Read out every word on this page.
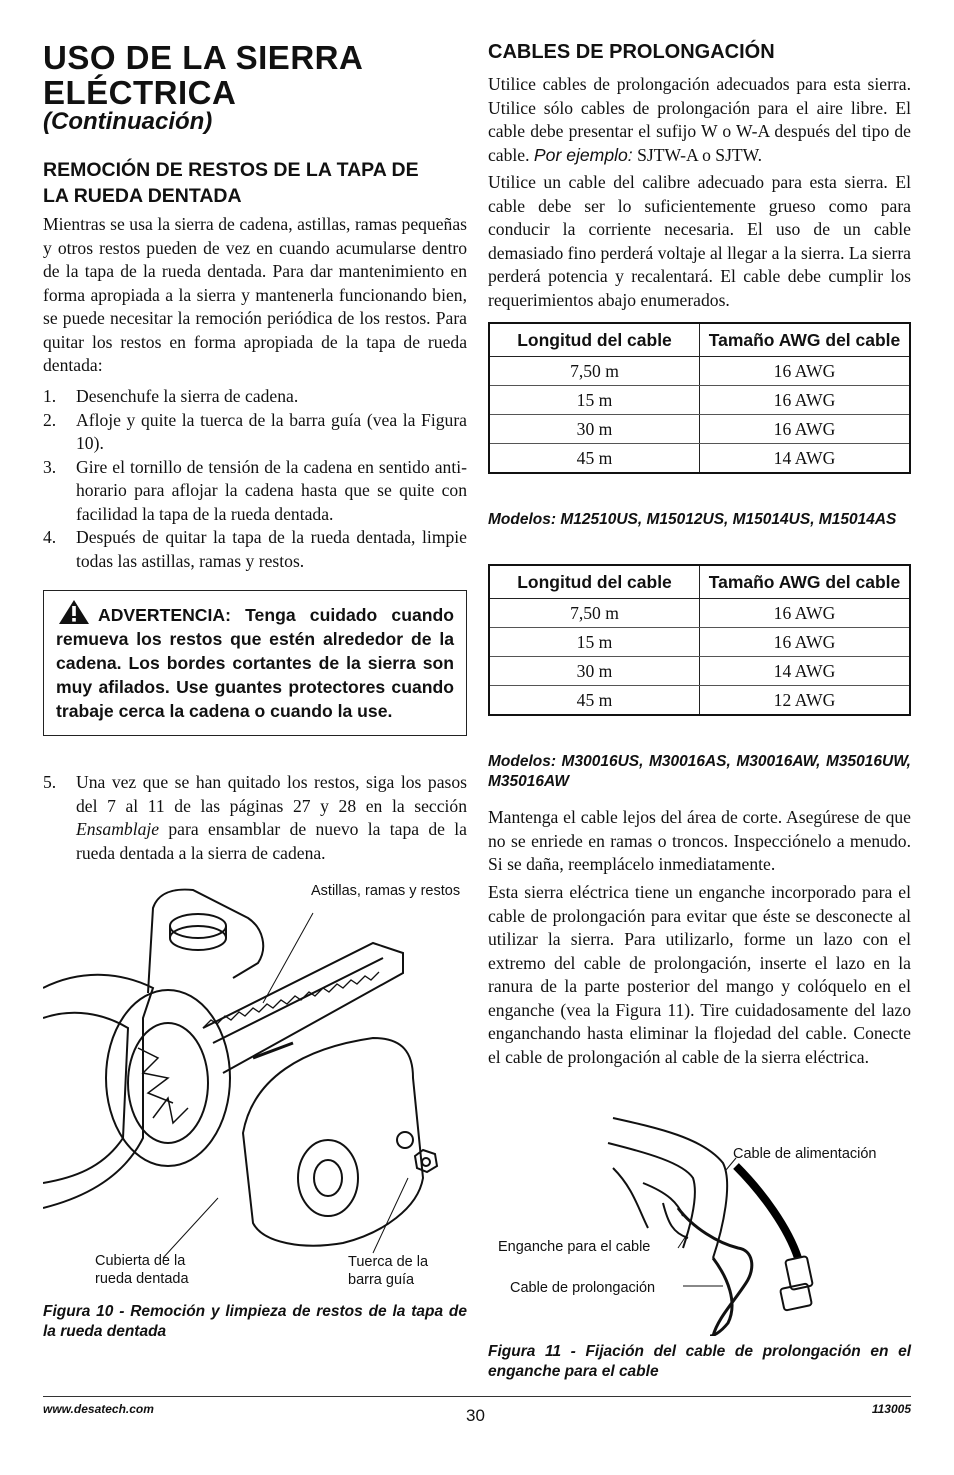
USO DE LA SIERRA ELÉCTRICA
(Continuación)
REMOCIÓN DE RESTOS DE LA TAPA DE LA RUEDA DENTADA

Mientras se usa la sierra de cadena, astillas, ramas pequeñas y otros restos pueden de vez en cuando acumularse dentro de la tapa de la rueda dentada. Para dar mantenimiento en forma apropiada a la sierra y mantenerla funcionando bien, se puede necesitar la remoción periódica de los restos. Para quitar los restos en forma apropiada de la tapa de rueda dentada:

1. Desenchufe la sierra de cadena.
2. Afloje y quite la tuerca de la barra guía (vea la Figura 10).
3. Gire el tornillo de tensión de la cadena en sentido anti-horario para aflojar la cadena hasta que se quite con facilidad la tapa de la rueda dentada.
4. Después de quitar la tapa de la rueda dentada, limpie todas las astillas, ramas y restos.
ADVERTENCIA: Tenga cuidado cuando remueva los restos que estén alrededor de la cadena. Los bordes cortantes de la sierra son muy afilados. Use guantes protectores cuando trabaje cerca la cadena o cuando la use.
5. Una vez que se han quitado los restos, siga los pasos del 7 al 11 de las páginas 27 y 28 en la sección Ensamblaje para ensamblar de nuevo la tapa de la rueda dentada a la sierra de cadena.
Astillas, ramas y restos
Cubierta de la rueda dentada
Tuerca de la barra guía
Figura 10 - Remoción y limpieza de restos de la tapa de la rueda dentada
CABLES DE PROLONGACIÓN

Utilice cables de prolongación adecuados para esta sierra. Utilice sólo cables de prolongación para el aire libre. El cable debe presentar el sufijo W o W-A después del tipo de cable. Por ejemplo: SJTW-A o SJTW.

Utilice un cable del calibre adecuado para esta sierra. El cable debe ser lo suficientemente grueso como para conducir la corriente necesaria. El uso de un cable demasiado fino perderá voltaje al llegar a la sierra. La sierra perderá potencia y recalentará. El cable debe cumplir los requerimientos abajo enumerados.

Longitud del cable	Tamaño AWG del cable
7,50 m	16 AWG
15 m	16 AWG
30 m	16 AWG
45 m	14 AWG
Modelos: M12510US, M15012US, M15014US, M15014AS
Longitud del cable	Tamaño AWG del cable
7,50 m	16 AWG
15 m	16 AWG
30 m	14 AWG
45 m	12 AWG
Modelos: M30016US, M30016AS, M30016AW, M35016UW, M35016AW

Mantenga el cable lejos del área de corte. Asegúrese de que no se enriede en ramas o troncos. Inspecciónelo a menudo. Si se daña, reemplácelo inmediatamente.

Esta sierra eléctrica tiene un enganche incorporado para el cable de prolongación para evitar que éste se desconecte al utilizar la sierra. Para utilizarlo, forme un lazo con el extremo del cable de prolongación, inserte el lazo en la ranura de la parte posterior del mango y colóquelo en el enganche (vea la Figura 11). Tire cuidadosamente del lazo enganchando hasta eliminar la flojedad del cable. Conecte el cable de prolongación al cable de la sierra eléctrica.

Cable de alimentación
Enganche para el cable
Cable de prolongación
Figura 11 - Fijación del cable de prolongación en el enganche para el cable
www.desatech.com	30	113005
